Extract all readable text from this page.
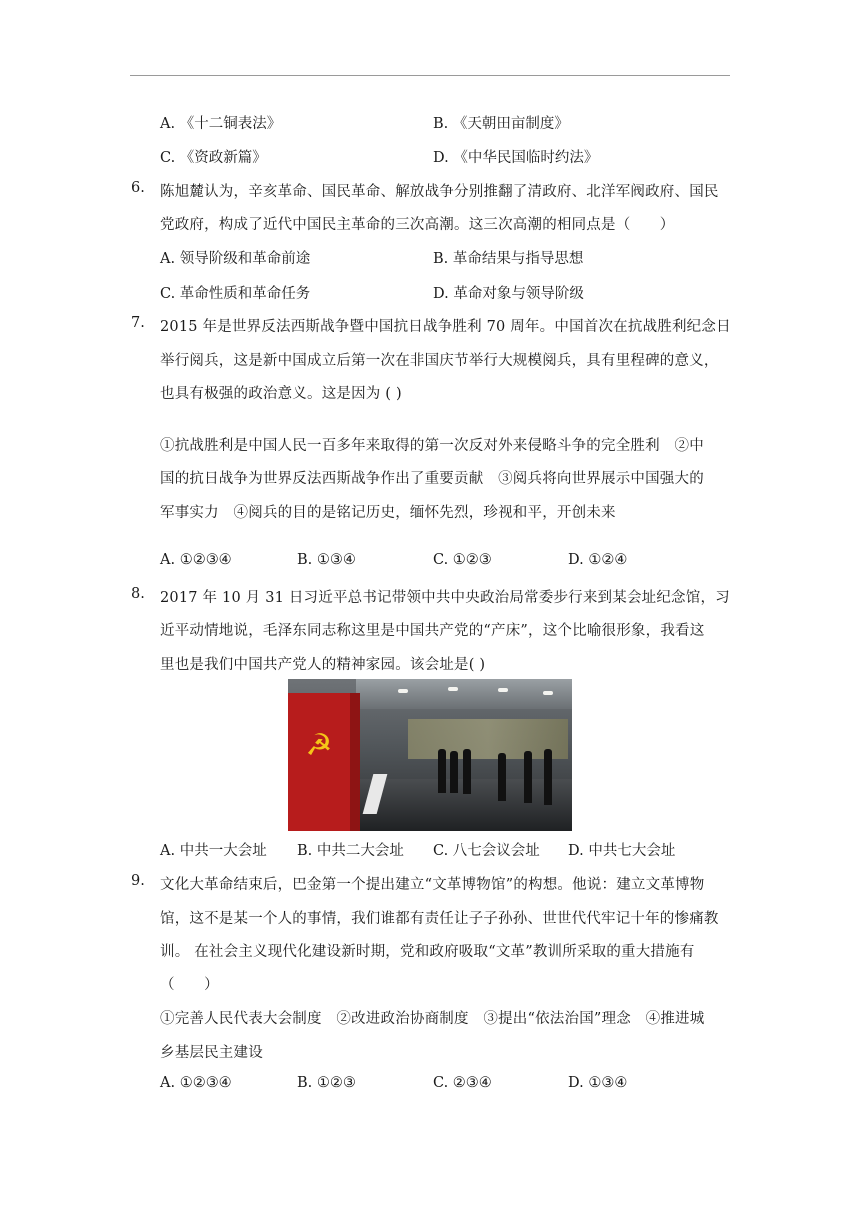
A. 《十二铜表法》	B. 《天朝田亩制度》
C. 《资政新篇》	D. 《中华民国临时约法》
6. 陈旭麓认为，辛亥革命、国民革命、解放战争分别推翻了清政府、北洋军阀政府、国民
党政府，构成了近代中国民主革命的三次高潮。这三次高潮的相同点是（　　）
A. 领导阶级和革命前途	B. 革命结果与指导思想
C. 革命性质和革命任务	D. 革命对象与领导阶级
7. 2015 年是世界反法西斯战争暨中国抗日战争胜利 70 周年。中国首次在抗战胜利纪念日
举行阅兵，这是新中国成立后第一次在非国庆节举行大规模阅兵，具有里程碑的意义，
也具有极强的政治意义。这是因为 ( )
①抗战胜利是中国人民一百多年来取得的第一次反对外来侵略斗争的完全胜利　②中
国的抗日战争为世界反法西斯战争作出了重要贡献　③阅兵将向世界展示中国强大的
军事实力　④阅兵的目的是铭记历史，缅怀先烈，珍视和平，开创未来
A. ①②③④	B. ①③④	C. ①②③	D. ①②④
8. 2017 年 10 月 31 日习近平总书记带领中共中央政治局常委步行来到某会址纪念馆，习
近平动情地说，毛泽东同志称这里是中国共产党的“产床”，这个比喻很形象，我看这
里也是我们中国共产党人的精神家园。该会址是( )
☭
A. 中共一大会址 B. 中共二大会址 C. 八七会议会址 D. 中共七大会址
9. 文化大革命结束后，巴金第一个提出建立“文革博物馆”的构想。他说：建立文革博物
馆，这不是某一个人的事情，我们谁都有责任让子子孙孙、世世代代牢记十年的惨痛教
训。 在社会主义现代化建设新时期，党和政府吸取“文革”教训所采取的重大措施有
（　　）
①完善人民代表大会制度　②改进政治协商制度　③提出“依法治国”理念　④推进城
乡基层民主建设
A. ①②③④	B. ①②③	C. ②③④	D. ①③④
